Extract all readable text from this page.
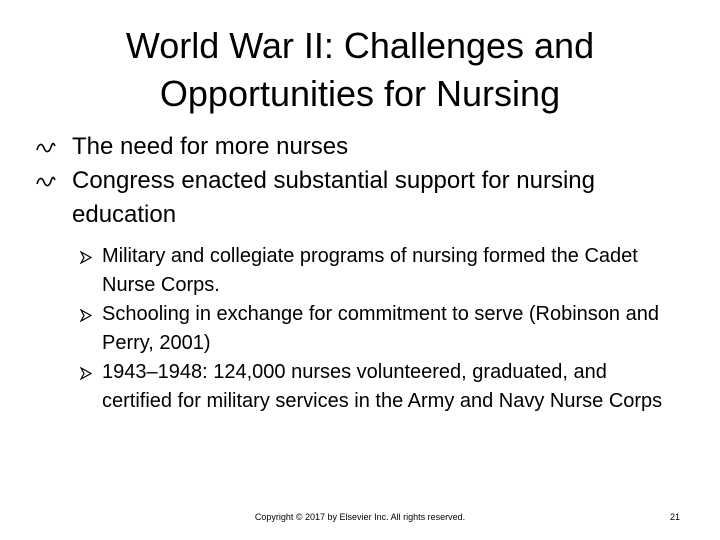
World War II: Challenges and
Opportunities for Nursing
The need for more nurses
Congress enacted substantial support for nursing education
Military and collegiate programs of nursing formed the Cadet Nurse Corps.
Schooling in exchange for commitment to serve (Robinson and Perry, 2001)
1943–1948: 124,000 nurses volunteered, graduated, and certified for military services in the Army and Navy Nurse Corps
Copyright © 2017 by Elsevier Inc. All rights reserved.	21
